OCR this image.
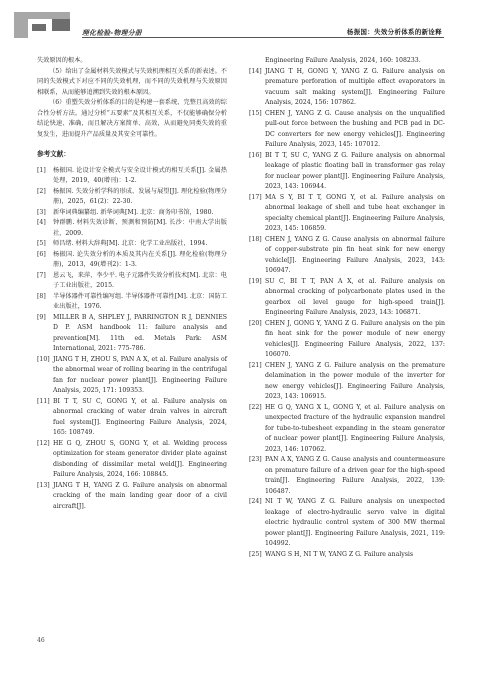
理化检验-物理分册	杨振国：失效分析体系的新诠释

失效原因的根本。

（5）给出了金属材料失效模式与失效机理相互关系的新表述。不同的失效模式下对应不同的失效机理，而不同的失效机理与失效原因相联系，从而能够追溯到失效的根本原因。

（6）重塑失效分析体系的目的是构建一套系统、完整且高效的综合性分析方法。通过分析“五要素”及其相互关系，不仅能够确保分析结论快速、准确，而且解决方案简单、高效，从而避免同类失效的重复发生，进而提升产品质量及其安全可靠性。

参考文献：
[1]	杨振国. 论设计安全模式与安全设计模式的相互关系[J]. 金属热处理，2019，40(增刊)：1-2.
[2]	杨振国. 失效分析学科的形成、发展与展望[J]. 理化检验(物理分册)，2025，61(2)：22-30.
[3]	新华词典编纂组. 新华词典[M]. 北京：商务印书馆，1980.
[4]	钟群鹏. 材料失效诊断、预测和预防[M]. 长沙：中南大学出版社，2009.
[5]	师昌绪. 材料大辞典[M]. 北京：化学工业出版社，1994.
[6]	杨振国. 论失效分析的本质及其内在关系[J]. 理化检验(物理分册)，2013，49(增刊2)：1-3.
[7]	恩云飞，来萍，李少平. 电子元器件失效分析技术[M]. 北京：电子工业出版社，2015.
[8]	半导体器件可靠性编写组. 半导体器件可靠性[M]. 北京：国防工业出版社，1976.
[9]	MILLER B A, SHPLEY J, PARRINGTON R J, DENNIES D P. ASM handbook 11: failure analysis and prevention[M]. 11th ed. Metals Park: ASM International, 2021: 775-786.
[10] JIANG T H, ZHOU S, PAN A X, et al. Failure analysis of the abnormal wear of rolling bearing in the centrifugal fan for nuclear power plant[J]. Engineering Failure Analysis, 2025, 171: 109353.
[11] BI T T, SU C, GONG Y, et al. Failure analysis on abnormal cracking of water drain valves in aircraft fuel system[J]. Engineering Failure Analysis, 2024, 165: 108749.
[12] HE G Q, ZHOU S, GONG Y, et al. Welding process optimization for steam generator divider plate against disbonding of dissimilar metal weld[J]. Engineering Failure Analysis, 2024, 166: 108845.
[13] JIANG T H, YANG Z G. Failure analysis on abnormal cracking of the main landing gear door of a civil aircraft[J].
Engineering Failure Analysis, 2024, 160: 108233.
[14] JIANG T H, GONG Y, YANG Z G. Failure analysis on premature perforation of multiple effect evaporators in vacuum salt making system[J]. Engineering Failure Analysis, 2024, 156: 107862.
[15] CHEN J, YANG Z G. Cause analysis on the unqualified pull-out force between the bushing and PCB pad in DC-DC converters for new energy vehicles[J]. Engineering Failure Analysis, 2023, 145: 107012.
[16] BI T T, SU C, YANG Z G. Failure analysis on abnormal leakage of plastic floating ball in transformer gas relay for nuclear power plant[J]. Engineering Failure Analysis, 2023, 143: 106944.
[17] MA S Y, BI T T, GONG Y, et al. Failure analysis on abnormal leakage of shell and tube heat exchanger in specialty chemical plant[J]. Engineering Failure Analysis, 2023, 145: 106859.
[18] CHEN J, YANG Z G. Cause analysis on abnormal failure of copper-substrate pin fin heat sink for new energy vehicle[J]. Engineering Failure Analysis, 2023, 143: 106947.
[19] SU C, BI T T, PAN A X, et al. Failure analysis on abnormal cracking of polycarbonate plates used in the gearbox oil level gauge for high-speed train[J]. Engineering Failure Analysis, 2023, 143: 106871.
[20] CHEN J, GONG Y, YANG Z G. Failure analysis on the pin fin heat sink for the power module of new energy vehicles[J]. Engineering Failure Analysis, 2022, 137: 106070.
[21] CHEN J, YANG Z G. Failure analysis on the premature delamination in the power module of the inverter for new energy vehicles[J]. Engineering Failure Analysis, 2023, 143: 106915.
[22] HE G Q, YANG X L, GONG Y, et al. Failure analysis on unexpected fracture of the hydraulic expansion mandrel for tube-to-tubesheet expanding in the steam generator of nuclear power plant[J]. Engineering Failure Analysis, 2023, 146: 107062.
[23] PAN A X, YANG Z G. Cause analysis and countermeasure on premature failure of a driven gear for the high-speed train[J]. Engineering Failure Analysis, 2022, 139: 106487.
[24] NI T W, YANG Z G. Failure analysis on unexpected leakage of electro-hydraulic servo valve in digital electric hydraulic control system of 300 MW thermal power plant[J]. Engineering Failure Analysis, 2021, 119: 104992.
[25] WANG S H, NI T W, YANG Z G. Failure analysis
46
